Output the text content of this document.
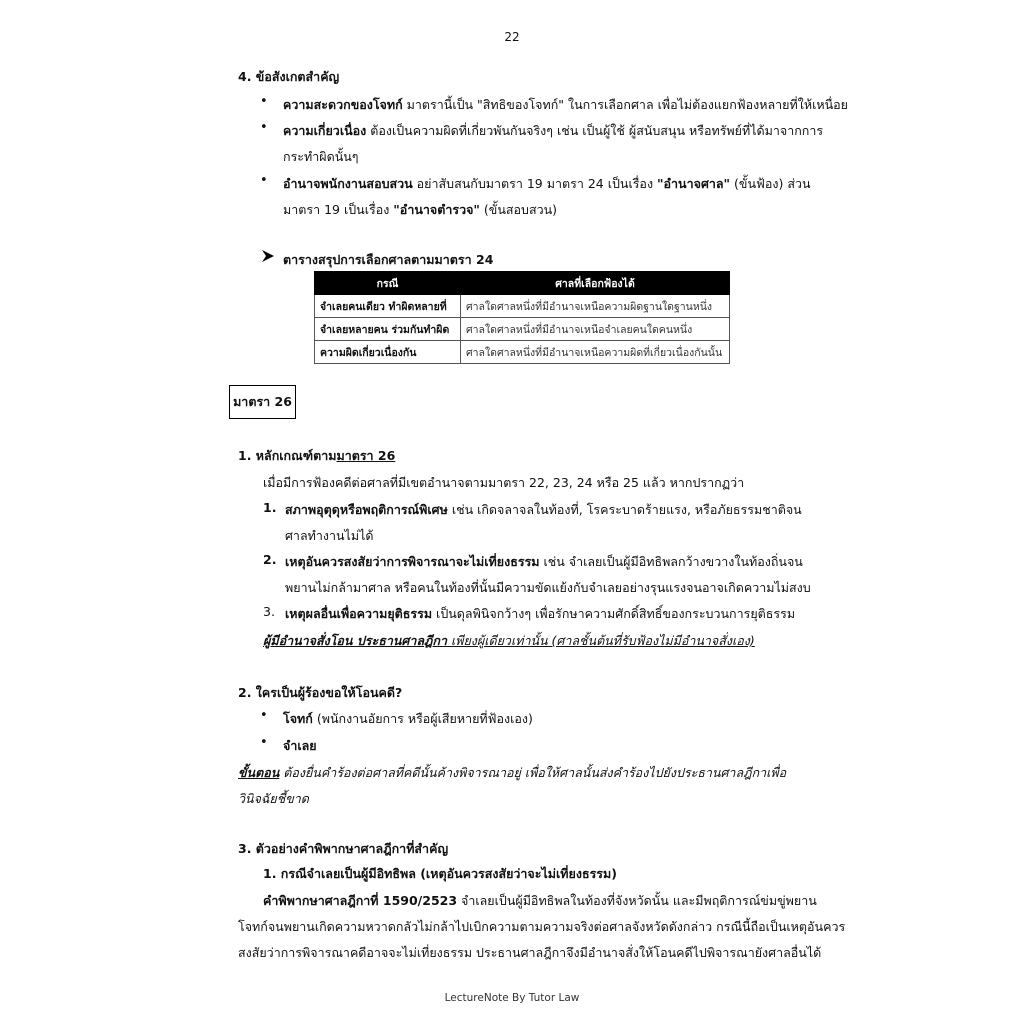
22
4. ข้อสังเกตสำคัญ
• ความสะดวกของโจทก์ มาตรานี้เป็น "สิทธิของโจทก์" ในการเลือกศาล เพื่อไม่ต้องแยกฟ้องหลายที่ให้เหนื่อย
• ความเกี่ยวเนื่อง ต้องเป็นความผิดที่เกี่ยวพันกันจริงๆ เช่น เป็นผู้ใช้ ผู้สนับสนุน หรือทรัพย์ที่ได้มาจากการ
กระทำผิดนั้นๆ
• อำนาจพนักงานสอบสวน อย่าสับสนกับมาตรา 19 มาตรา 24 เป็นเรื่อง "อำนาจศาล" (ขั้นฟ้อง) ส่วน
มาตรา 19 เป็นเรื่อง "อำนาจตำรวจ" (ขั้นสอบสวน)
ตารางสรุปการเลือกศาลตามมาตรา 24
กรณี	ศาลที่เลือกฟ้องได้
จำเลยคนเดียว ทำผิดหลายที่	ศาลใดศาลหนึ่งที่มีอำนาจเหนือความผิดฐานใดฐานหนึ่ง
จำเลยหลายคน ร่วมกันทำผิด	ศาลใดศาลหนึ่งที่มีอำนาจเหนือจำเลยคนใดคนหนึ่ง
ความผิดเกี่ยวเนื่องกัน	ศาลใดศาลหนึ่งที่มีอำนาจเหนือความผิดที่เกี่ยวเนื่องกันนั้น
มาตรา 26
1. หลักเกณฑ์ตามมาตรา 26
เมื่อมีการฟ้องคดีต่อศาลที่มีเขตอำนาจตามมาตรา 22, 23, 24 หรือ 25 แล้ว หากปรากฏว่า
1. สภาพอุตุดุหรือพฤติการณ์พิเศษ เช่น เกิดจลาจลในท้องที่, โรคระบาดร้ายแรง, หรือภัยธรรมชาติจน
ศาลทำงานไม่ได้
2. เหตุอันควรสงสัยว่าการพิจารณาจะไม่เที่ยงธรรม เช่น จำเลยเป็นผู้มีอิทธิพลกว้างขวางในท้องถิ่นจน
พยานไม่กล้ามาศาล หรือคนในท้องที่นั้นมีความขัดแย้งกับจำเลยอย่างรุนแรงจนอาจเกิดความไม่สงบ
3. เหตุผลอื่นเพื่อความยุติธรรม เป็นดุลพินิจกว้างๆ เพื่อรักษาความศักดิ์สิทธิ์ของกระบวนการยุติธรรม
ผู้มีอำนาจสั่งโอน ประธานศาลฎีกา เพียงผู้เดียวเท่านั้น (ศาลชั้นต้นที่รับฟ้องไม่มีอำนาจสั่งเอง)
2. ใครเป็นผู้ร้องขอให้โอนคดี?
• โจทก์ (พนักงานอัยการ หรือผู้เสียหายที่ฟ้องเอง)
• จำเลย
ขั้นตอน ต้องยื่นคำร้องต่อศาลที่คดีนั้นค้างพิจารณาอยู่ เพื่อให้ศาลนั้นส่งคำร้องไปยังประธานศาลฎีกาเพื่อ
วินิจฉัยชี้ขาด
3. ตัวอย่างคำพิพากษาศาลฎีกาที่สำคัญ
1. กรณีจำเลยเป็นผู้มีอิทธิพล (เหตุอันควรสงสัยว่าจะไม่เที่ยงธรรม)
คำพิพากษาศาลฎีกาที่ 1590/2523 จำเลยเป็นผู้มีอิทธิพลในท้องที่จังหวัดนั้น และมีพฤติการณ์ข่มขู่พยาน
โจทก์จนพยานเกิดความหวาดกลัวไม่กล้าไปเบิกความตามความจริงต่อศาลจังหวัดดังกล่าว กรณีนี้ถือเป็นเหตุอันควร
สงสัยว่าการพิจารณาคดีอาจจะไม่เที่ยงธรรม ประธานศาลฎีกาจึงมีอำนาจสั่งให้โอนคดีไปพิจารณายังศาลอื่นได้
LectureNote By Tutor Law
